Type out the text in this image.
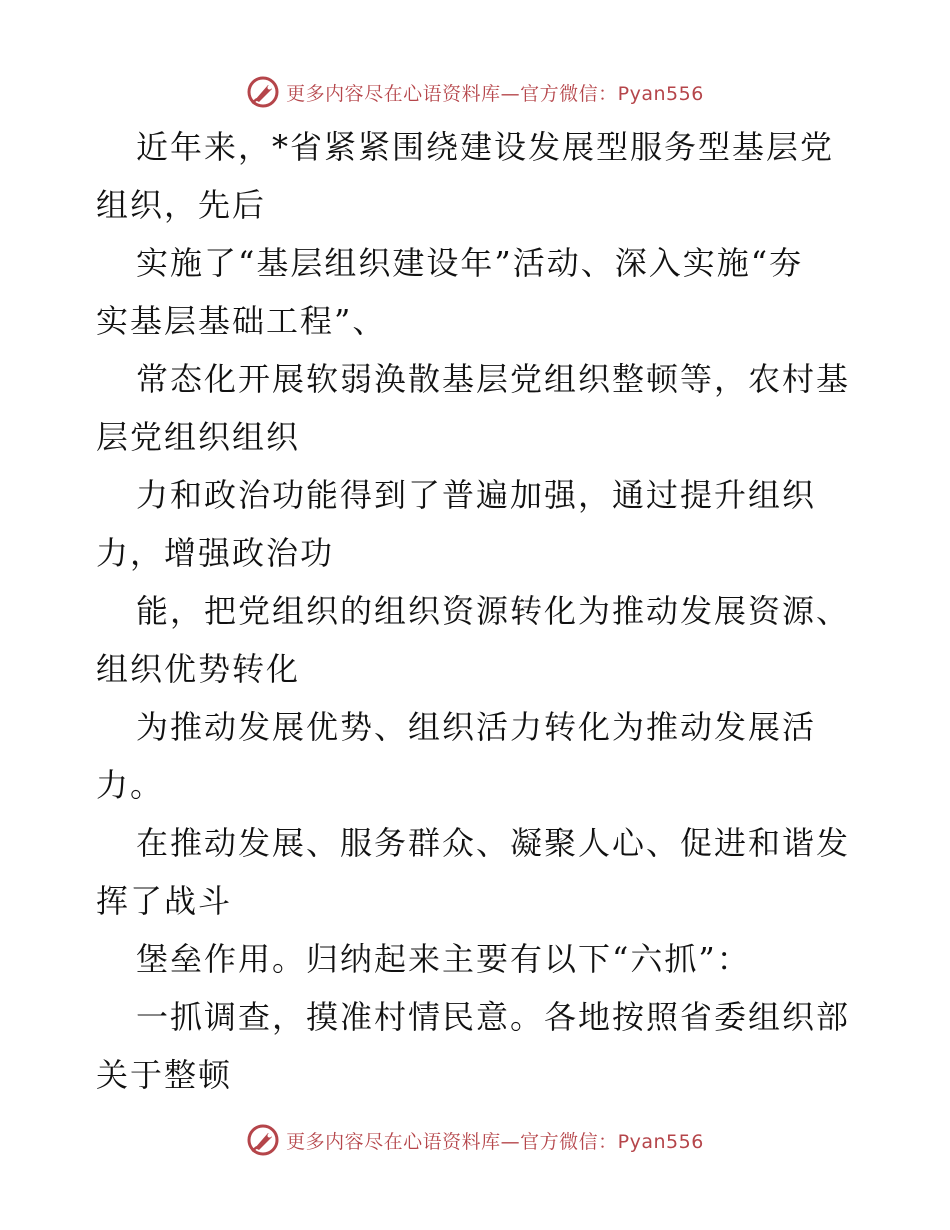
更多内容尽在心语资料库—官方微信：Pyan556

近年来，*省紧紧围绕建设发展型服务型基层党
组织，先后

实施了“基层组织建设年”活动、深入实施“夯
实基层基础工程”、

常态化开展软弱涣散基层党组织整顿等，农村基
层党组织组织

力和政治功能得到了普遍加强，通过提升组织
力，增强政治功

能，把党组织的组织资源转化为推动发展资源、
组织优势转化

为推动发展优势、组织活力转化为推动发展活
力。

在推动发展、服务群众、凝聚人心、促进和谐发
挥了战斗

堡垒作用。归纳起来主要有以下“六抓”：

一抓调查，摸准村情民意。各地按照省委组织部
关于整顿

更多内容尽在心语资料库—官方微信：Pyan556
